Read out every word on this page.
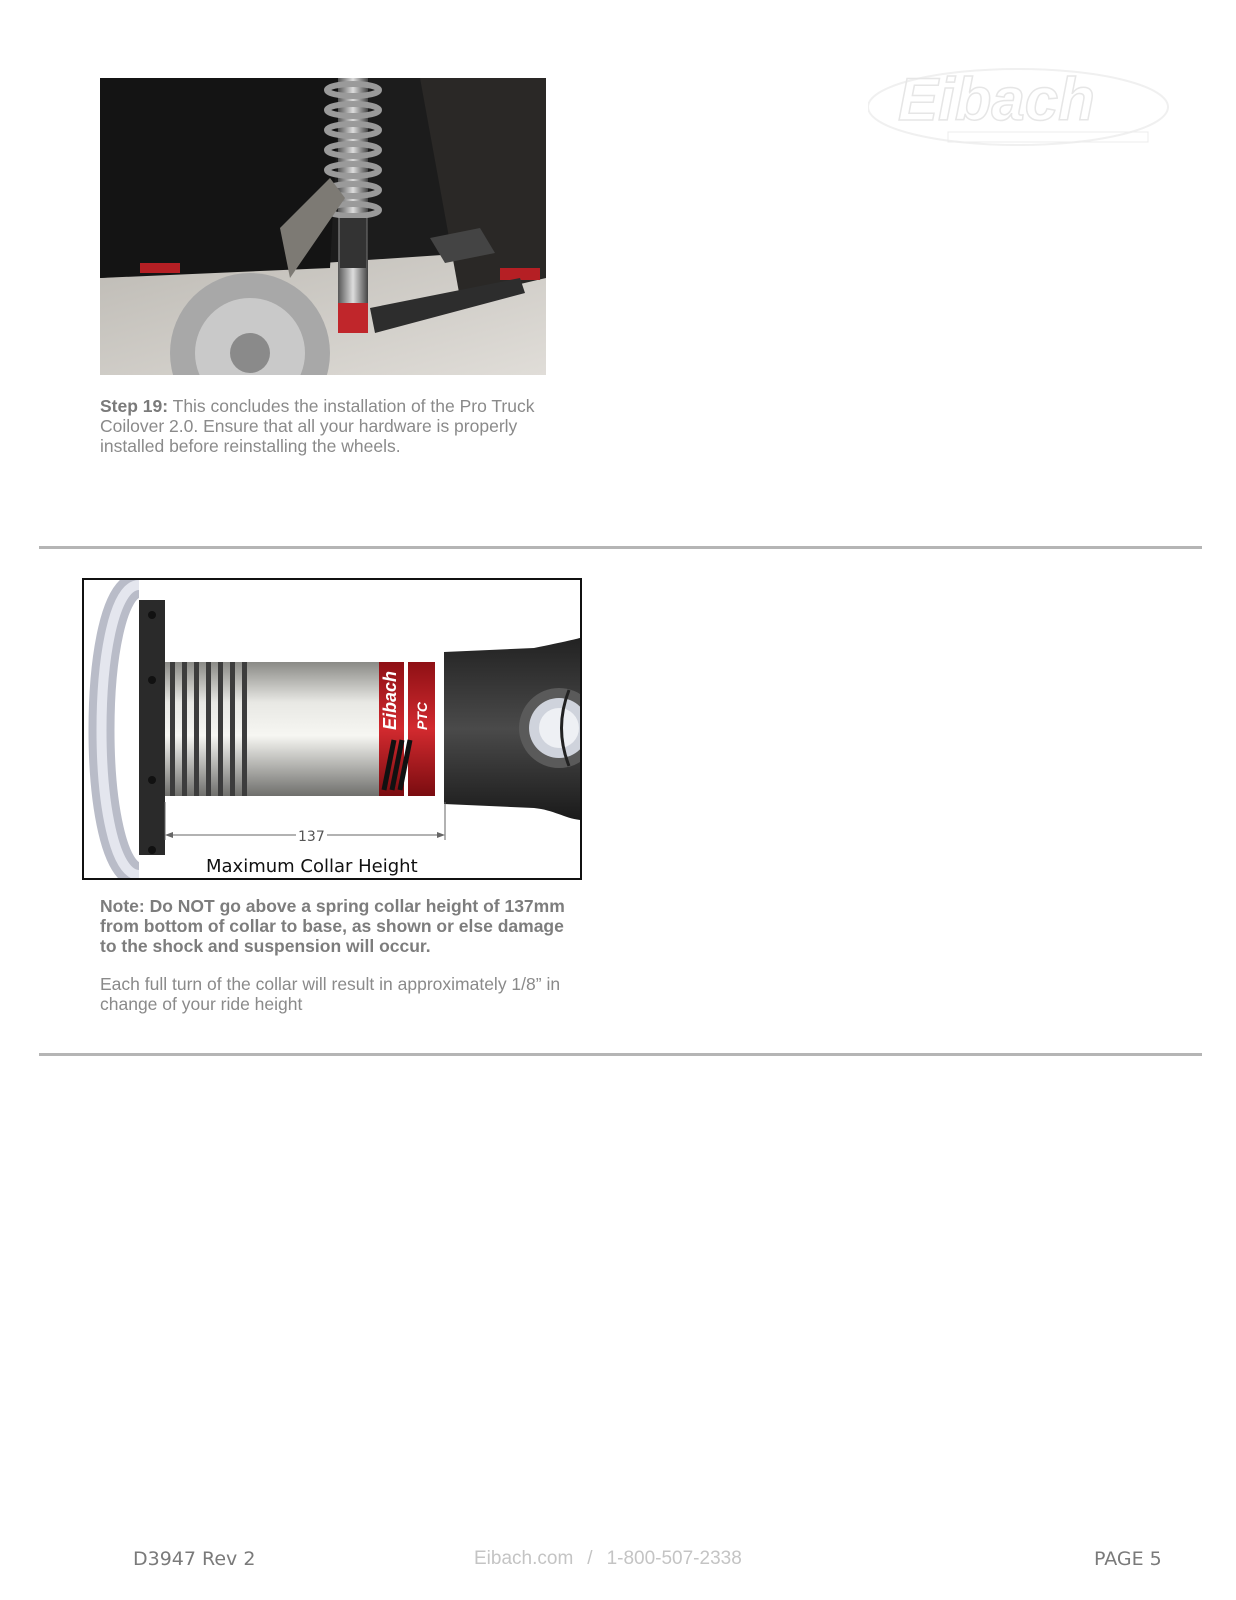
Eibach
Step 19: This concludes the installation of the Pro Truck Coilover 2.0. Ensure that all your hardware is properly installed before reinstalling the wheels.
Eibach PTC
137
Maximum Collar Height
Note: Do NOT go above a spring collar height of 137mm from bottom of collar to base, as shown or else damage to the shock and suspension will occur.
Each full turn of the collar will result in approximately 1/8” in change of your ride height
D3947 Rev 2	Eibach.com / 1-800-507-2338	PAGE 5
